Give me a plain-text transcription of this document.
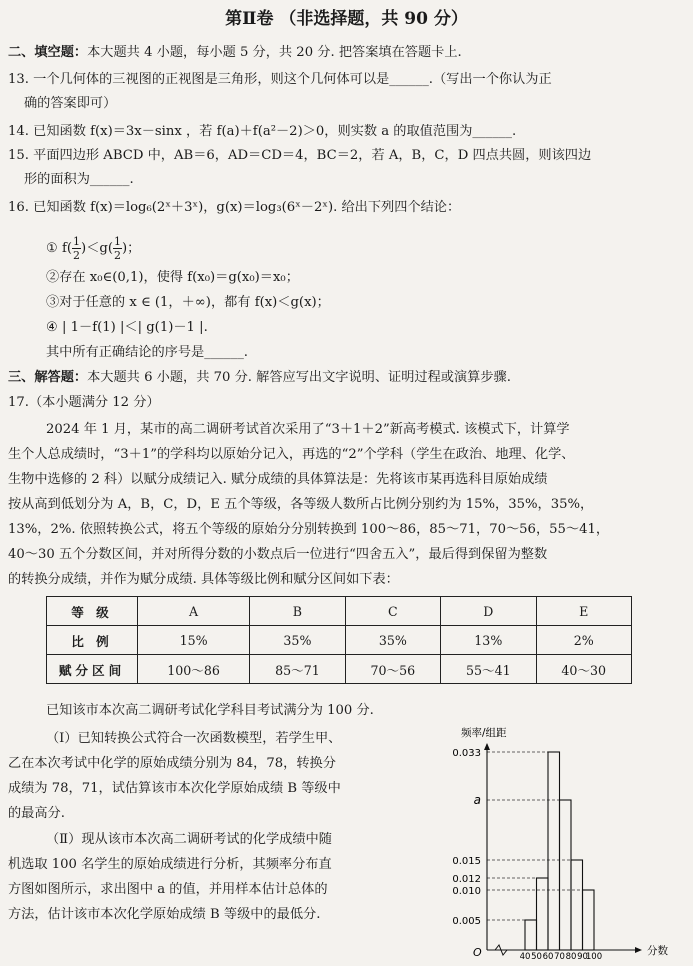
第Ⅱ卷 （非选择题，共 90 分）
二、填空题：本大题共 4 小题，每小题 5 分，共 20 分. 把答案填在答题卡上.
13. 一个几何体的三视图的正视图是三角形，则这个几何体可以是______.（写出一个你认为正
确的答案即可）
14. 已知函数 f(x)＝3x－sinx ，若 f(a)＋f(a²－2)＞0，则实数 a 的取值范围为______.
15. 平面四边形 ABCD 中，AB＝6，AD＝CD＝4，BC＝2，若 A，B，C，D 四点共圆，则该四边
形的面积为______.
16. 已知函数 f(x)＝log₆(2ˣ＋3ˣ)，g(x)＝log₃(6ˣ－2ˣ). 给出下列四个结论：
① $f( \frac{1}{2} )<g( \frac{1}{2}$ )；
②存在 x₀∈(0,1)，使得 f(x₀)＝g(x₀)＝x₀；
③对于任意的 x ∈ (1，＋∞)，都有 f(x)＜g(x)；
④ | 1－f(1) |＜| g(1)－1 |.
其中所有正确结论的序号是______.
三、解答题：本大题共 6 小题，共 70 分. 解答应写出文字说明、证明过程或演算步骤.
17.（本小题满分 12 分）
2024 年 1 月，某市的高二调研考试首次采用了“3＋1＋2”新高考模式. 该模式下，计算学
生个人总成绩时，“3＋1”的学科均以原始分记入，再选的“2”个学科（学生在政治、地理、化学、
生物中选修的 2 科）以赋分成绩记入. 赋分成绩的具体算法是：先将该市某再选科目原始成绩
按从高到低划分为 A，B，C，D，E 五个等级，各等级人数所占比例分别约为 15%，35%，35%，
13%，2%. 依照转换公式，将五个等级的原始分分别转换到 100～86，85～71，70～56，55～41，
40～30 五个分数区间，并对所得分数的小数点后一位进行“四舍五入”，最后得到保留为整数
的转换分成绩，并作为赋分成绩. 具体等级比例和赋分区间如下表：
等 级	A	B	C	D	E
比 例	15%	35%	35%	13%	2%
赋分区间	100～86	85～71	70～56	55～41	40～30
已知该市本次高二调研考试化学科目考试满分为 100 分.
（Ⅰ）已知转换公式符合一次函数模型，若学生甲、
乙在本次考试中化学的原始成绩分别为 84，78，转换分
成绩为 78，71，试估算该市本次化学原始成绩 B 等级中
的最高分.
（Ⅱ）现从该市本次高二调研考试的化学成绩中随
机选取 100 名学生的原始成绩进行分析，其频率分布直
方图如图所示，求出图中 a 的值，并用样本估计总体的
方法，估计该市本次化学原始成绩 B 等级中的最低分.
频率/组距
分数
O
0.033
a
0.015
0.012
0.010
0.005
40 50 60 70 80 90
100
